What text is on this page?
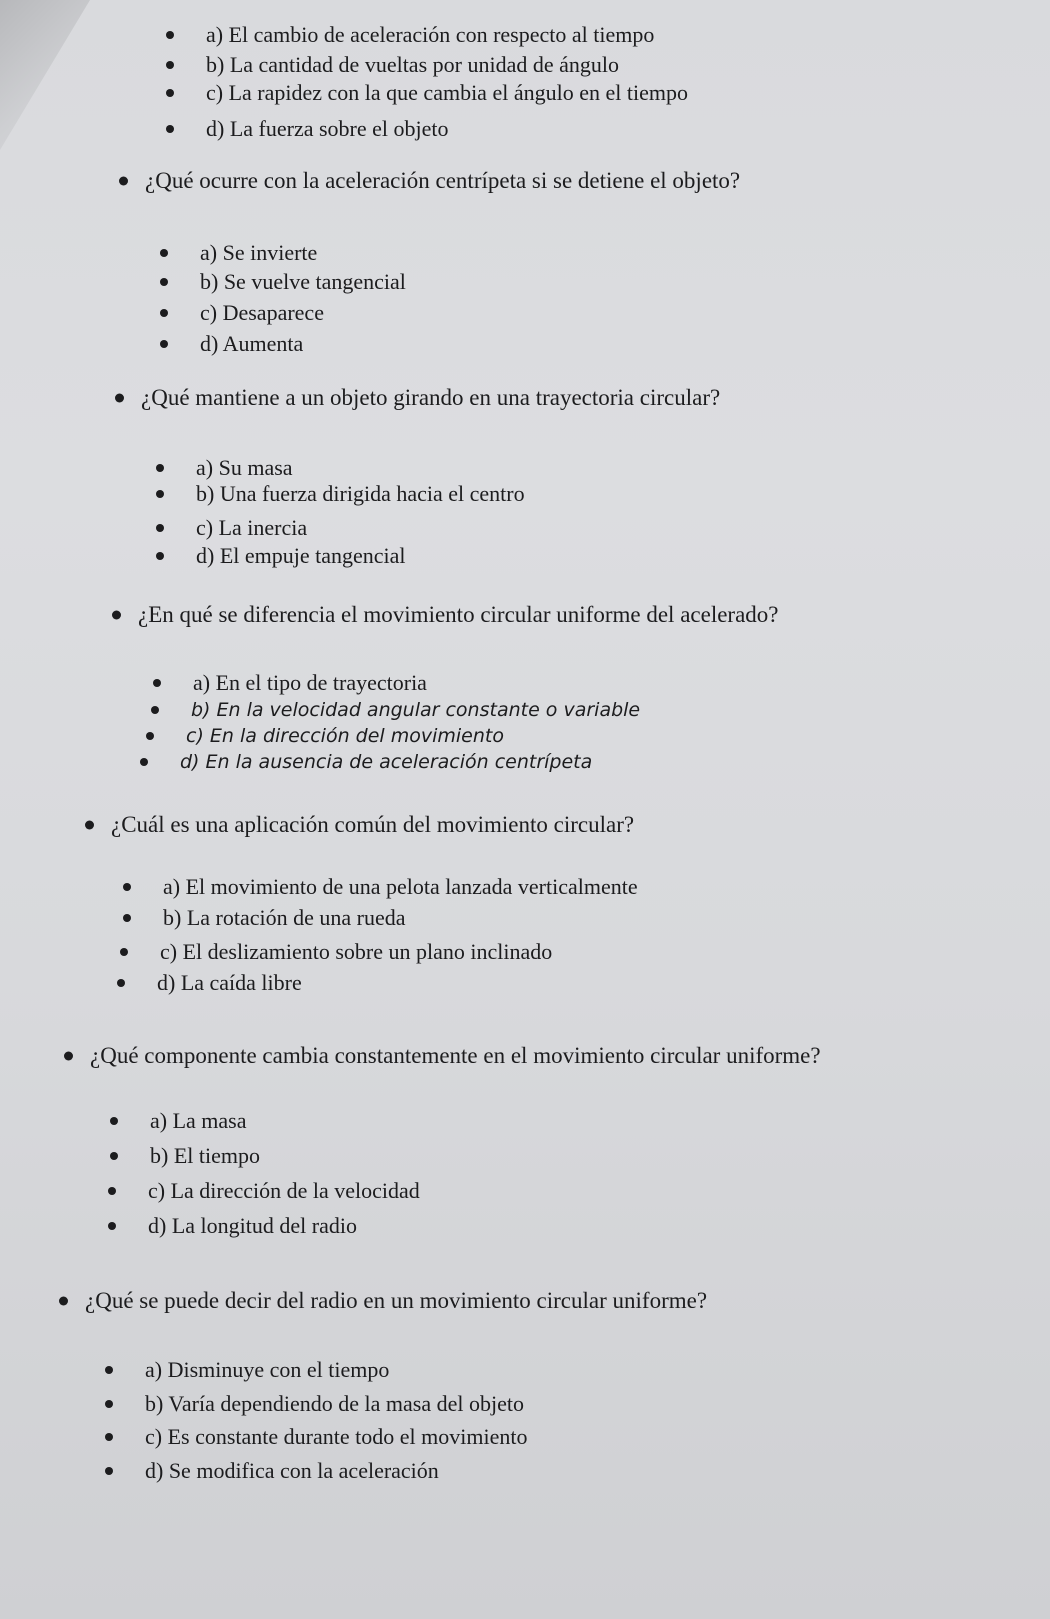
a) El cambio de aceleración con respecto al tiempo
b) La cantidad de vueltas por unidad de ángulo
c) La rapidez con la que cambia el ángulo en el tiempo
d) La fuerza sobre el objeto
¿Qué ocurre con la aceleración centrípeta si se detiene el objeto?
a) Se invierte
b) Se vuelve tangencial
c) Desaparece
d) Aumenta
¿Qué mantiene a un objeto girando en una trayectoria circular?
a) Su masa
b) Una fuerza dirigida hacia el centro
c) La inercia
d) El empuje tangencial
¿En qué se diferencia el movimiento circular uniforme del acelerado?
a) En el tipo de trayectoria
b) En la velocidad angular constante o variable
c) En la dirección del movimiento
d) En la ausencia de aceleración centrípeta
¿Cuál es una aplicación común del movimiento circular?
a) El movimiento de una pelota lanzada verticalmente
b) La rotación de una rueda
c) El deslizamiento sobre un plano inclinado
d) La caída libre
¿Qué componente cambia constantemente en el movimiento circular uniforme?
a) La masa
b) El tiempo
c) La dirección de la velocidad
d) La longitud del radio
¿Qué se puede decir del radio en un movimiento circular uniforme?
a) Disminuye con el tiempo
b) Varía dependiendo de la masa del objeto
c) Es constante durante todo el movimiento
d) Se modifica con la aceleración
